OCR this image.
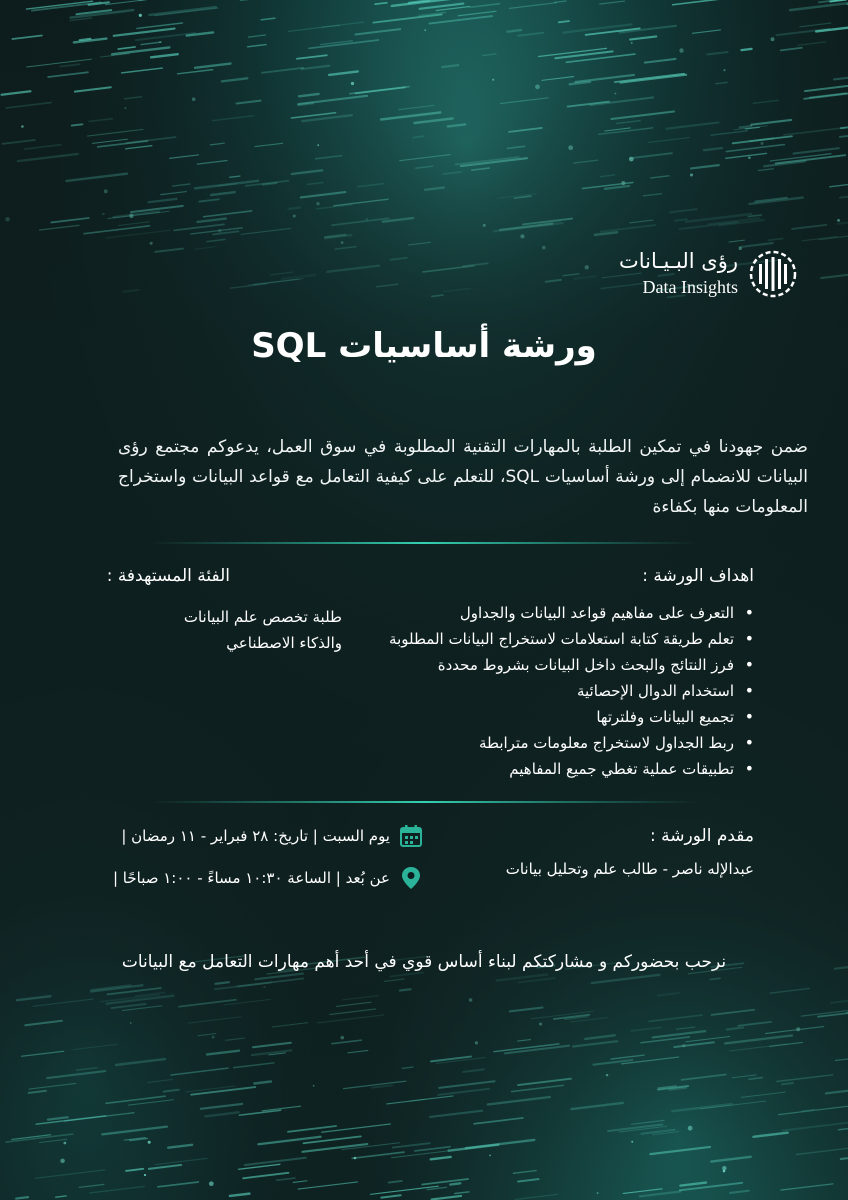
رؤى البـيـانات
Data Insights
ورشة أساسيات SQL

ضمن جهودنا في تمكين الطلبة بالمهارات التقنية المطلوبة في سوق العمل، يدعوكم مجتمع رؤى البيانات للانضمام إلى ورشة أساسيات SQL، للتعلم على كيفية التعامل مع قواعد البيانات واستخراج المعلومات منها بكفاءة

اهداف الورشة :
• التعرف على مفاهيم قواعد البيانات والجداول
• تعلم طريقة كتابة استعلامات لاستخراج البيانات المطلوبة
• فرز النتائج والبحث داخل البيانات بشروط محددة
• استخدام الدوال الإحصائية
• تجميع البيانات وفلترتها
• ربط الجداول لاستخراج معلومات مترابطة
• تطبيقات عملية تغطي جميع المفاهيم
الفئة المستهدفة :
طلبة تخصص علم البيانات والذكاء الاصطناعي
مقدم الورشة :
عبدالإله ناصر - طالب علم وتحليل بيانات
يوم السبت | تاريخ: ٢٨ فبراير - ١١ رمضان |
عن بُعد | الساعة ١٠:٣٠ مساءً - ١:٠٠ صباحًا |
نرحب بحضوركم و مشاركتكم لبناء أساس قوي في أحد أهم مهارات التعامل مع البيانات
